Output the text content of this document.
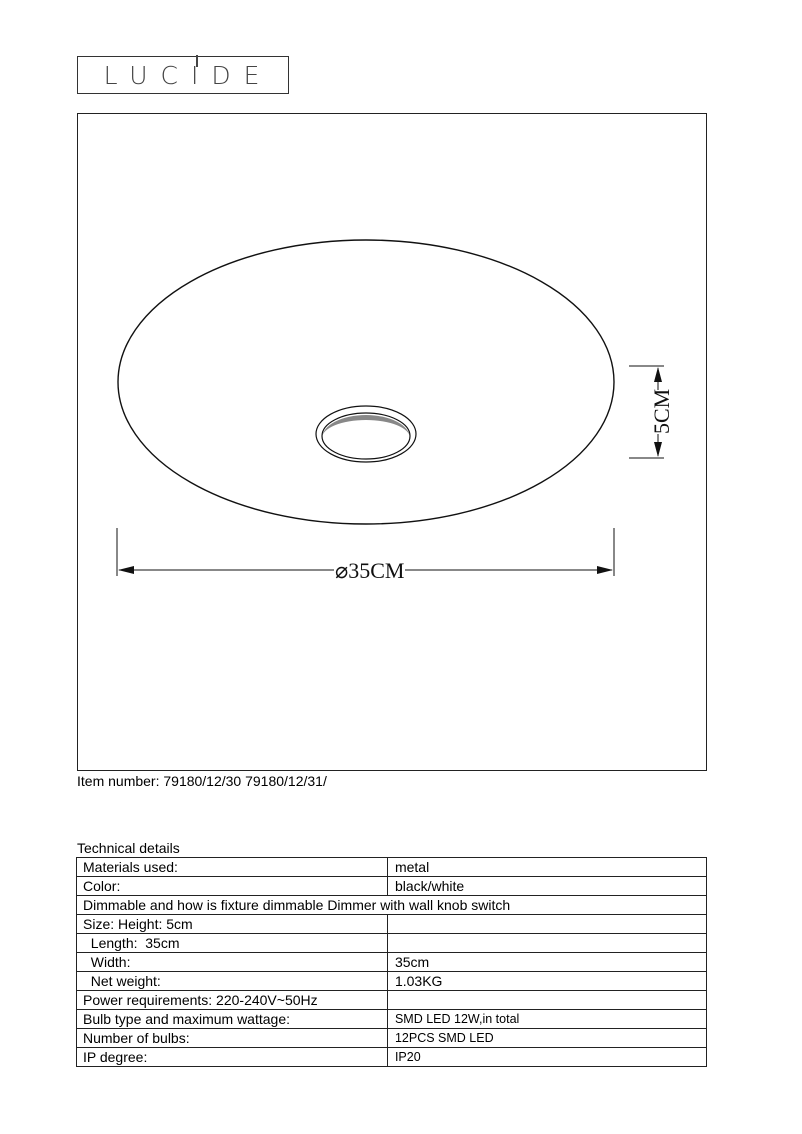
LUCIDE
⌀35CM
5CM
Item number: 79180/12/30 79180/12/31/
Technical details
Materials used:	metal
Color:	black/white
Dimmable and how is fixture dimmable Dimmer with wall knob switch	
Size: Height: 5cm	
Length:  35cm	
Width:	35cm
Net weight:	1.03KG
Power requirements: 220-240V~50Hz	
Bulb type and maximum wattage:	SMD LED 12W,in total
Number of bulbs:	12PCS SMD LED
IP degree:	IP20
